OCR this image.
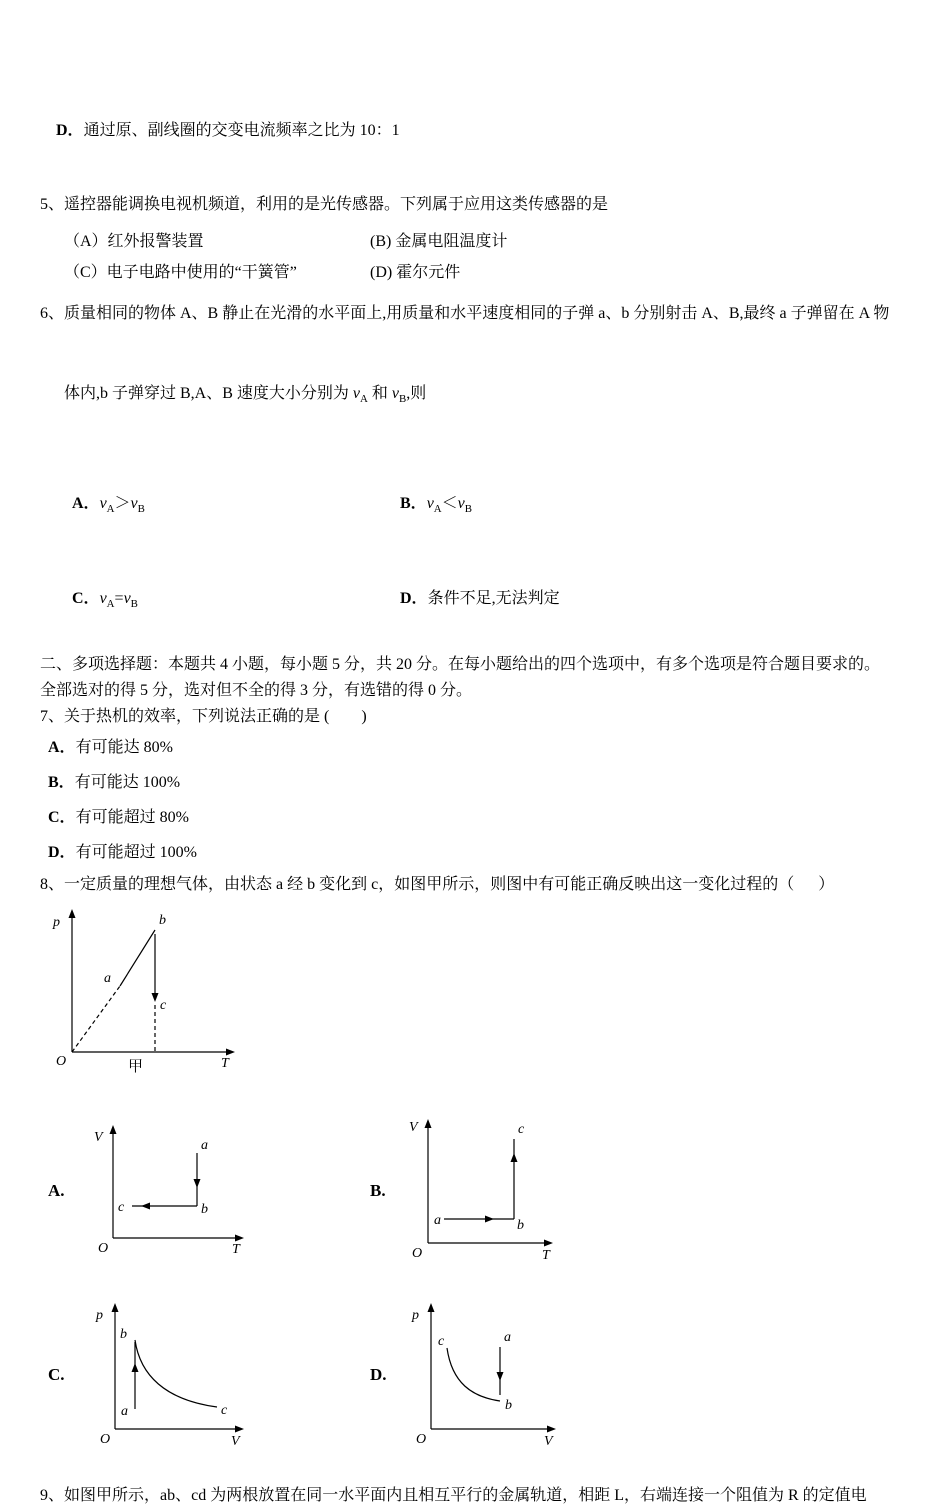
D．通过原、副线圈的交变电流频率之比为 10：1

5、遥控器能调换电视机频道，利用的是光传感器。下列属于应用这类传感器的是
（A）红外报警装置	(B) 金属电阻温度计
（C）电子电路中使用的“干簧管”	(D) 霍尔元件
6、质量相同的物体 A、B 静止在光滑的水平面上,用质量和水平速度相同的子弹 a、b 分别射击 A、B,最终 a 子弹留在 A 物

体内,b 子弹穿过 B,A、B 速度大小分别为 $v_A$ 和 $v_B$,则

A．$v_A>v_B$
	B．$v_A<v_B$

C．$v_A=v_B$
	D．条件不足,无法判定

二、多项选择题：本题共 4 小题，每小题 5 分，共 20 分。在每小题给出的四个选项中，有多个选项是符合题目要求的。
全部选对的得 5 分，选对但不全的得 3 分，有选错的得 0 分。
7、关于热机的效率，下列说法正确的是 (        )
A．有可能达 80%
B．有可能达 100%
C．有可能超过 80%
D．有可能超过 100%
8、一定质量的理想气体，由状态 a 经 b 变化到 c，如图甲所示，则图中有可能正确反映出这一变化过程的（      ）
p
T
O
a
b
c
甲
A.
V
T
O
a
b
c
B.
V
T
O
a	b
c
C.
p
V
O
a
b
c
D.
p
V
O
a
b
c
9、如图甲所示，ab、cd 为两根放置在同一水平面内且相互平行的金属轨道，相距 L，右端连接一个阻值为 R 的定值电
